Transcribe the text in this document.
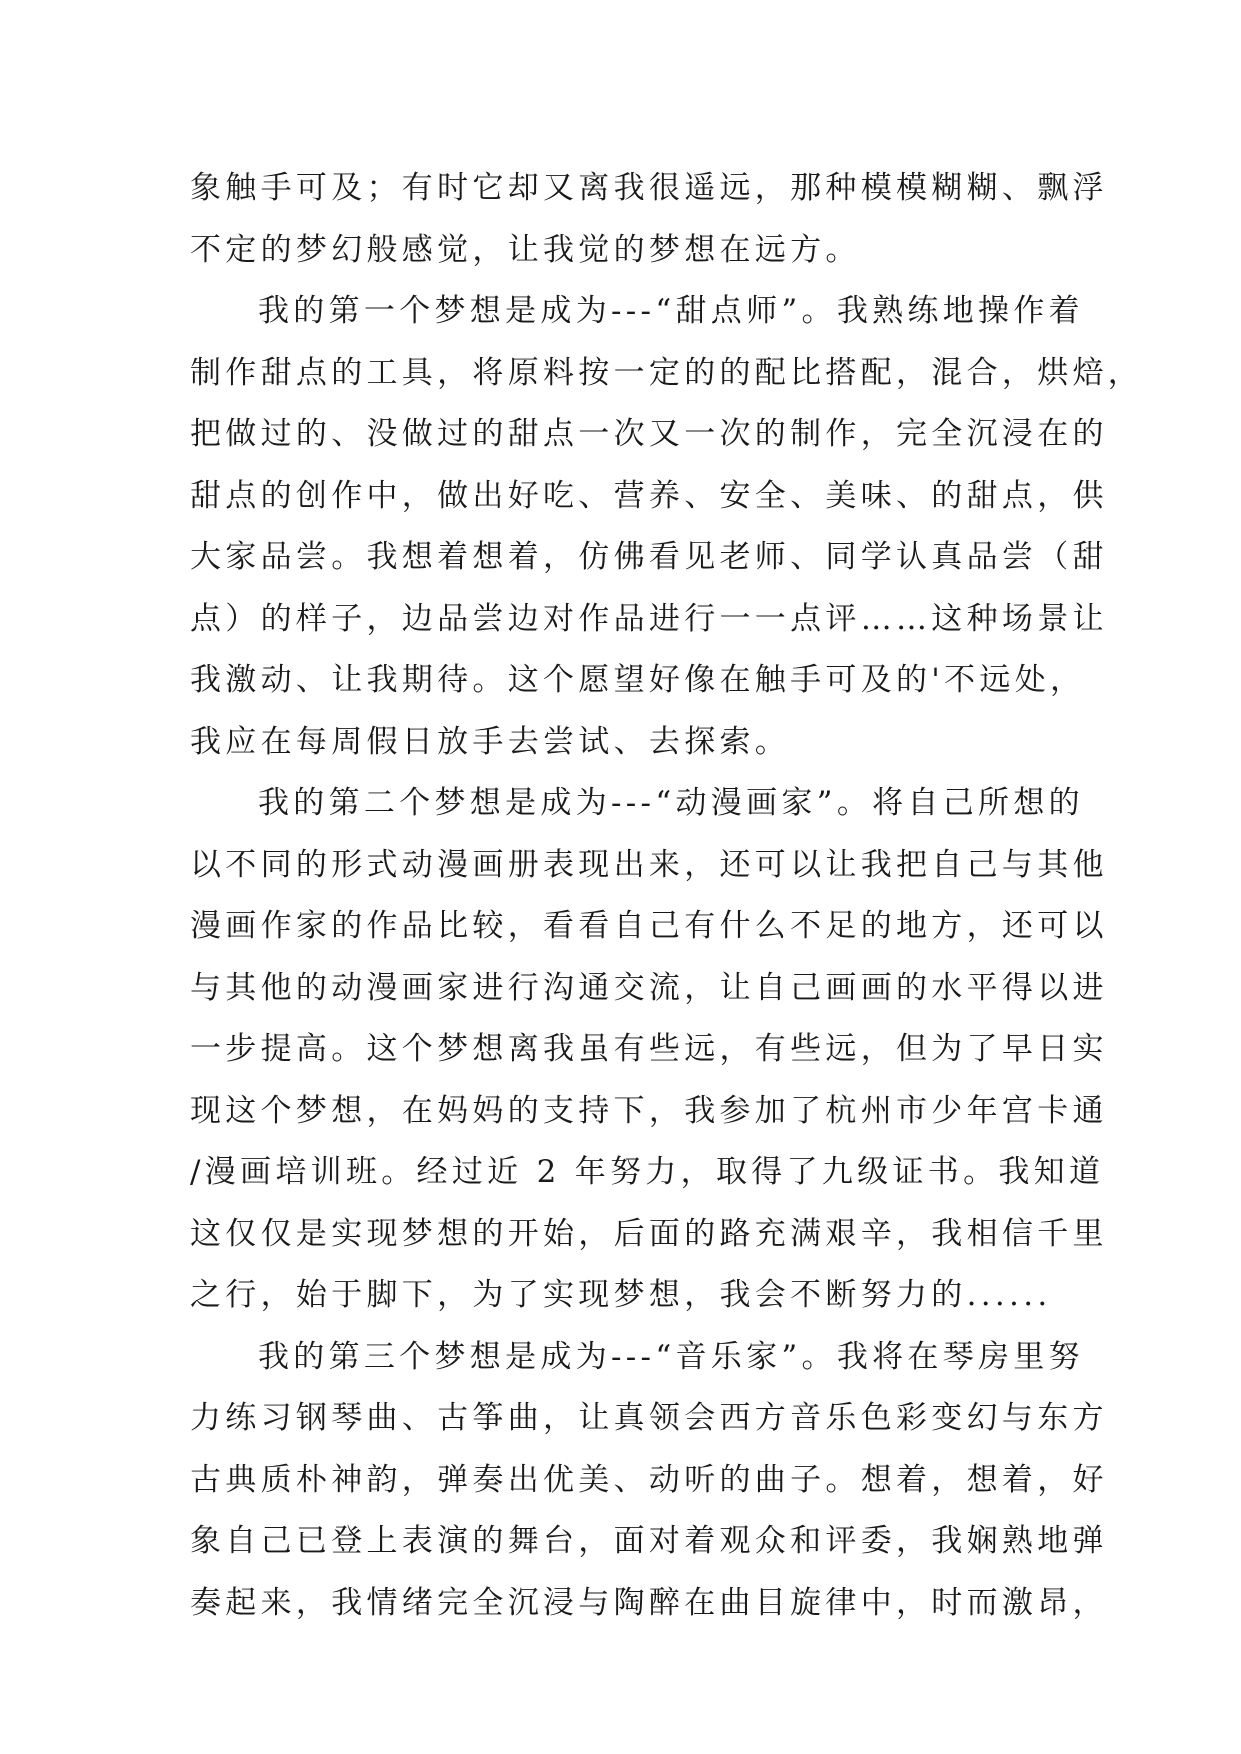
象触手可及；有时它却又离我很遥远，那种模模糊糊、飘浮
不定的梦幻般感觉，让我觉的梦想在远方。
我的第一个梦想是成为---“甜点师”。我熟练地操作着
制作甜点的工具，将原料按一定的的配比搭配，混合，烘焙，
把做过的、没做过的甜点一次又一次的制作，完全沉浸在的
甜点的创作中，做出好吃、营养、安全、美味、的甜点，供
大家品尝。我想着想着，仿佛看见老师、同学认真品尝（甜
点）的样子，边品尝边对作品进行一一点评……这种场景让
我激动、让我期待。这个愿望好像在触手可及的'不远处，
我应在每周假日放手去尝试、去探索。
我的第二个梦想是成为---“动漫画家”。将自己所想的
以不同的形式动漫画册表现出来，还可以让我把自己与其他
漫画作家的作品比较，看看自己有什么不足的地方，还可以
与其他的动漫画家进行沟通交流，让自己画画的水平得以进
一步提高。这个梦想离我虽有些远，有些远，但为了早日实
现这个梦想，在妈妈的支持下，我参加了杭州市少年宫卡通
/漫画培训班。经过近 2 年努力，取得了九级证书。我知道
这仅仅是实现梦想的开始，后面的路充满艰辛，我相信千里
之行，始于脚下，为了实现梦想，我会不断努力的......
我的第三个梦想是成为---“音乐家”。我将在琴房里努
力练习钢琴曲、古筝曲，让真领会西方音乐色彩变幻与东方
古典质朴神韵，弹奏出优美、动听的曲子。想着，想着，好
象自己已登上表演的舞台，面对着观众和评委，我娴熟地弹
奏起来，我情绪完全沉浸与陶醉在曲目旋律中，时而激昂，
